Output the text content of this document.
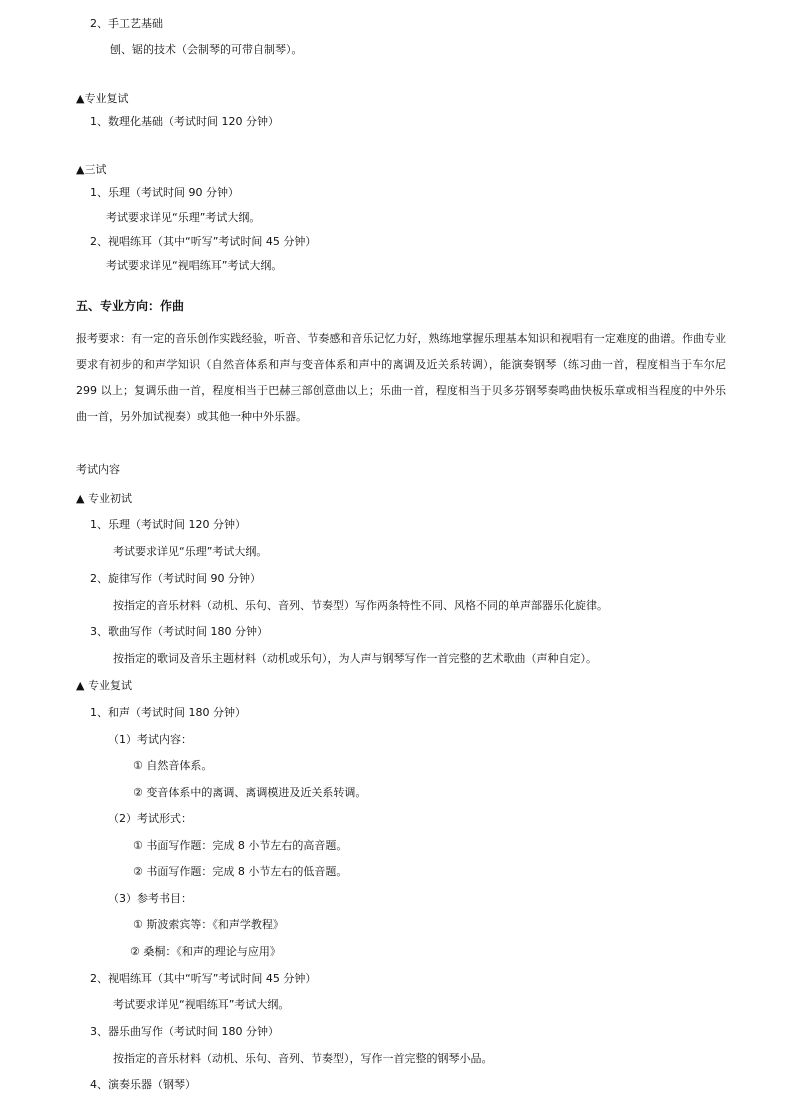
2、手工艺基础
刨、锯的技术（会制琴的可带自制琴）。
▲专业复试
1、数理化基础（考试时间 120 分钟）
▲三试
1、乐理（考试时间 90 分钟）
考试要求详见“乐理”考试大纲。
2、视唱练耳（其中“听写”考试时间 45 分钟）
考试要求详见“视唱练耳”考试大纲。
五、专业方向：作曲
报考要求：有一定的音乐创作实践经验，听音、节奏感和音乐记忆力好，熟练地掌握乐理基本知识和视唱有一定难度的曲谱。作曲专业要求有初步的和声学知识（自然音体系和声与变音体系和声中的离调及近关系转调），能演奏钢琴（练习曲一首，程度相当于车尔尼 299 以上；复调乐曲一首，程度相当于巴赫三部创意曲以上；乐曲一首，程度相当于贝多芬钢琴奏鸣曲快板乐章或相当程度的中外乐曲一首，另外加试视奏）或其他一种中外乐器。
考试内容
▲ 专业初试
1、乐理（考试时间 120 分钟）
考试要求详见“乐理”考试大纲。
2、旋律写作（考试时间 90 分钟）
按指定的音乐材料（动机、乐句、音列、节奏型）写作两条特性不同、风格不同的单声部器乐化旋律。
3、歌曲写作（考试时间 180 分钟）
按指定的歌词及音乐主题材料（动机或乐句），为人声与钢琴写作一首完整的艺术歌曲（声种自定）。
▲ 专业复试
1、和声（考试时间 180 分钟）
（1）考试内容：
① 自然音体系。
② 变音体系中的离调、离调模进及近关系转调。
（2）考试形式：
① 书面写作题：完成 8 小节左右的高音题。
② 书面写作题：完成 8 小节左右的低音题。
（3）参考书目：
① 斯波索宾等：《和声学教程》
② 桑桐：《和声的理论与应用》
2、视唱练耳（其中“听写”考试时间 45 分钟）
考试要求详见“视唱练耳”考试大纲。
3、器乐曲写作（考试时间 180 分钟）
按指定的音乐材料（动机、乐句、音列、节奏型），写作一首完整的钢琴小品。
4、演奏乐器（钢琴）
